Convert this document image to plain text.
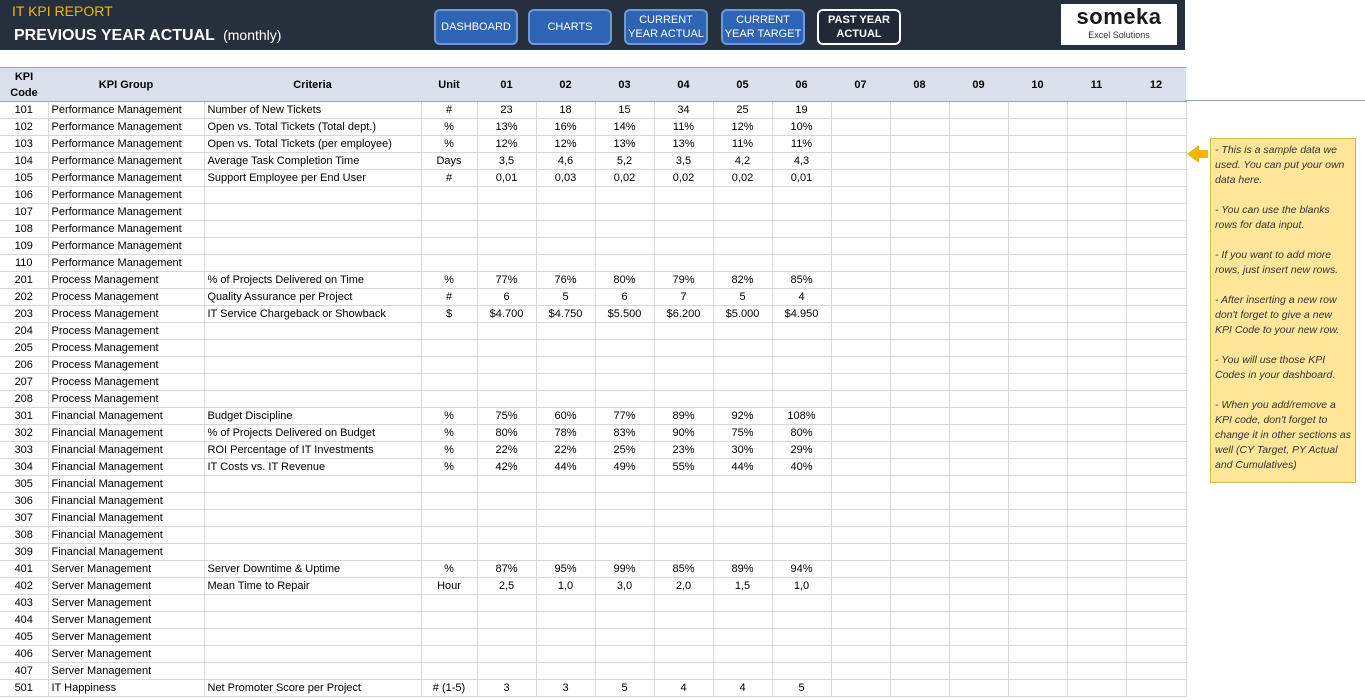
IT KPI REPORT
PREVIOUS YEAR ACTUAL (monthly)	DASHBOARD	CHARTS
CURRENT YEAR ACTUAL
CURRENT YEAR TARGET
PAST YEAR ACTUAL
someka
Excel Solutions
KPI Code	KPI Group	Criteria	Unit	01	02	03	04	05	06	07	08	09	10	11	12
101	Performance Management	Number of New Tickets	#	23	18	15	34	25	19						
102	Performance Management	Open vs. Total Tickets (Total dept.)	%	13%	16%	14%	11%	12%	10%						
103	Performance Management	Open vs. Total Tickets (per employee)	%	12%	12%	13%	13%	11%	11%						
104	Performance Management	Average Task Completion Time	Days	3,5	4,6	5,2	3,5	4,2	4,3						
105	Performance Management	Support Employee per End User	#	0,01	0,03	0,02	0,02	0,02	0,01						
106	Performance Management														
107	Performance Management														
108	Performance Management														
109	Performance Management														
110	Performance Management														
201	Process Management	% of Projects Delivered on Time	%	77%	76%	80%	79%	82%	85%						
202	Process Management	Quality Assurance per Project	#	6	5	6	7	5	4						
203	Process Management	IT Service Chargeback or Showback	$	$4.700	$4.750	$5.500	$6.200	$5.000	$4.950						
204	Process Management														
205	Process Management														
206	Process Management														
207	Process Management														
208	Process Management														
301	Financial Management	Budget Discipline	%	75%	60%	77%	89%	92%	108%						
302	Financial Management	% of Projects Delivered on Budget	%	80%	78%	83%	90%	75%	80%						
303	Financial Management	ROI Percentage of IT Investments	%	22%	22%	25%	23%	30%	29%						
304	Financial Management	IT Costs vs. IT Revenue	%	42%	44%	49%	55%	44%	40%						
305	Financial Management														
306	Financial Management														
307	Financial Management														
308	Financial Management														
309	Financial Management														
401	Server Management	Server Downtime & Uptime	%	87%	95%	99%	85%	89%	94%						
402	Server Management	Mean Time to Repair	Hour	2,5	1,0	3,0	2,0	1,5	1,0						
403	Server Management														
404	Server Management														
405	Server Management														
406	Server Management														
407	Server Management														
501	IT Happiness	Net Promoter Score per Project	# (1-5)	3	3	5	4	4	5						

- This is a sample data we used. You can put your own data here.

- You can use the blanks rows for data input.

- If you want to add more rows, just insert new rows.

- After inserting a new row don't forget to give a new KPI Code to your new row.

- You will use those KPI Codes in your dashboard.

- When you add/remove a KPI code, don't forget to change it in other sections as well (CY Target, PY Actual and Cumulatives)
